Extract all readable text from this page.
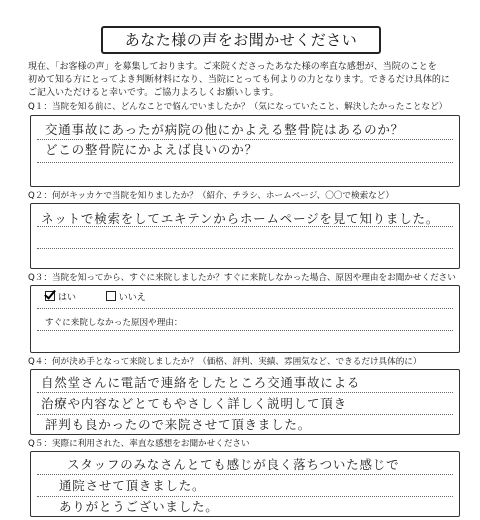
あなた様の声をお聞かせください
現在、「お客様の声」を募集しております。ご来院くださったあなた様の率直な感想が、当院のことを
初めて知る方にとってよき判断材料になり、当院にとっても何よりの力となります。できるだけ具体的に
ご記入いただけると幸いです。ご協力よろしくお願いします。
Q１：当院を知る前に、どんなことで悩んでいましたか？（気になっていたこと、解決したかったことなど）
交通事故にあったが病院の他にかよえる整骨院はあるのか？
どこの整骨院にかよえば良いのか？
Q２：何がキッカケで当院を知りましたか？（紹介、チラシ、ホームページ、〇〇で検索など）
ネットで検索をしてエキテンからホームページを見て知りました。
Q３：当院を知ってから、すぐに来院しましたか？すぐに来院しなかった場合、原因や理由をお聞かせください
はい	いいえ
すぐに来院しなかった原因や理由：
Q４：何が決め手となって来院しましたか？（価格、評判、実績、雰囲気など、できるだけ具体的に）
自然堂さんに電話で連絡をしたところ交通事故による
治療や内容などとてもやさしく詳しく説明して頂き
評判も良かったので来院させて頂きました。
Q５：実際に利用された、率直な感想をお聞かせください
スタッフのみなさんとても感じが良く落ちついた感じで
通院させて頂きました。
ありがとうございました。
